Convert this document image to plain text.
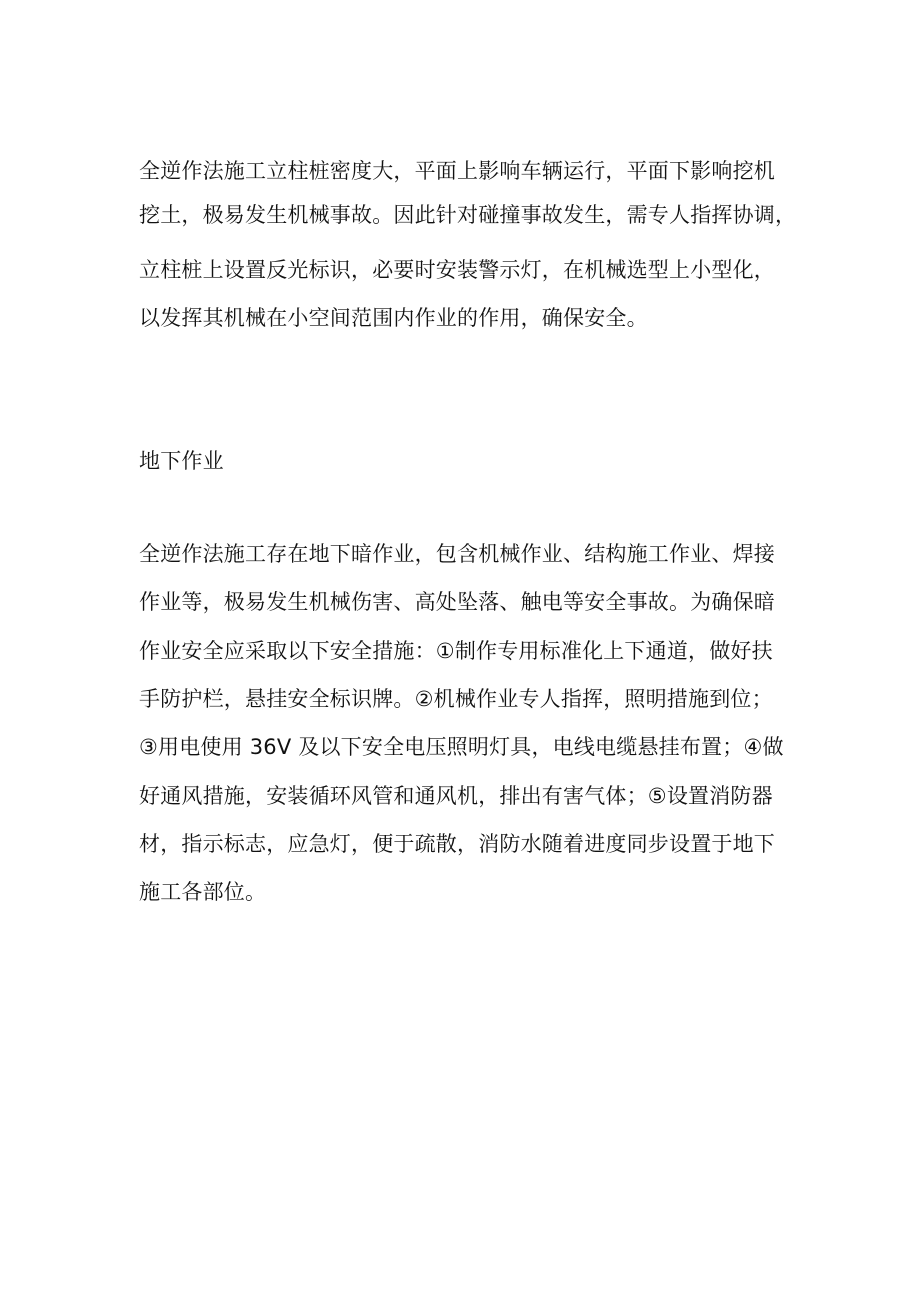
全逆作法施工立柱桩密度大，平面上影响车辆运行，平面下影响挖机
挖土，极易发生机械事故。因此针对碰撞事故发生，需专人指挥协调，
立柱桩上设置反光标识，必要时安装警示灯，在机械选型上小型化，
以发挥其机械在小空间范围内作业的作用，确保安全。
地下作业
全逆作法施工存在地下暗作业，包含机械作业、结构施工作业、焊接
作业等，极易发生机械伤害、高处坠落、触电等安全事故。为确保暗
作业安全应采取以下安全措施：①制作专用标准化上下通道，做好扶
手防护栏，悬挂安全标识牌。②机械作业专人指挥，照明措施到位；
③用电使用 36V 及以下安全电压照明灯具，电线电缆悬挂布置；④做
好通风措施，安装循环风管和通风机，排出有害气体；⑤设置消防器
材，指示标志，应急灯，便于疏散，消防水随着进度同步设置于地下
施工各部位。
